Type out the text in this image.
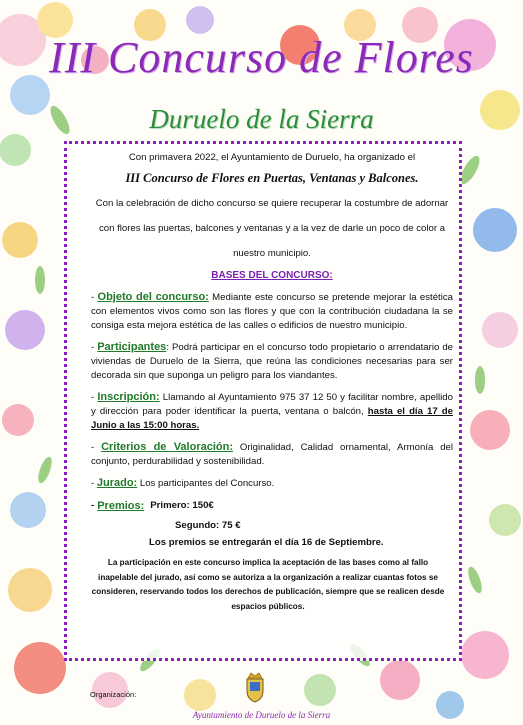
III Concurso de Flores
Duruelo de la Sierra

Con primavera 2022, el Ayuntamiento de Duruelo, ha organizado el

III Concurso de Flores en Puertas, Ventanas y Balcones.

Con la celebración de dicho concurso se quiere recuperar la costumbre de adornar con flores las puertas, balcones y ventanas y a la vez de darle un poco de color a nuestro municipio.

BASES DEL CONCURSO:

- Objeto del concurso: Mediante este concurso se pretende mejorar la estética con elementos vivos como son las flores y que con la contribución ciudadana la se consiga esta mejora estética de las calles o edificios de nuestro municipio.

- Participantes: Podrá participar en el concurso todo propietario o arrendatario de viviendas de Duruelo de la Sierra, que reúna las condiciones necesarias para ser decorada sin que suponga un peligro para los viandantes.

- Inscripción: Llamando al Ayuntamiento 975 37 12 50 y facilitar nombre, apellido y dirección para poder identificar la puerta, ventana o balcón, hasta el día 17 de Junio a las 15:00 horas.

- Criterios de Valoración: Originalidad, Calidad ornamental, Armonía del conjunto, perdurabilidad y sostenibilidad.

- Jurado: Los participantes del Concurso.

- Premios: Primero: 150€
Segundo: 75 €
Los premios se entregarán el día 16 de Septiembre.

La participación en este concurso implica la aceptación de las bases como al fallo inapelable del jurado, así como se autoriza a la organización a realizar cuantas fotos se consideren, reservando todos los derechos de publicación, siempre que se realicen desde espacios públicos.

Organización:
Ayuntamiento de Duruelo de la Sierra
